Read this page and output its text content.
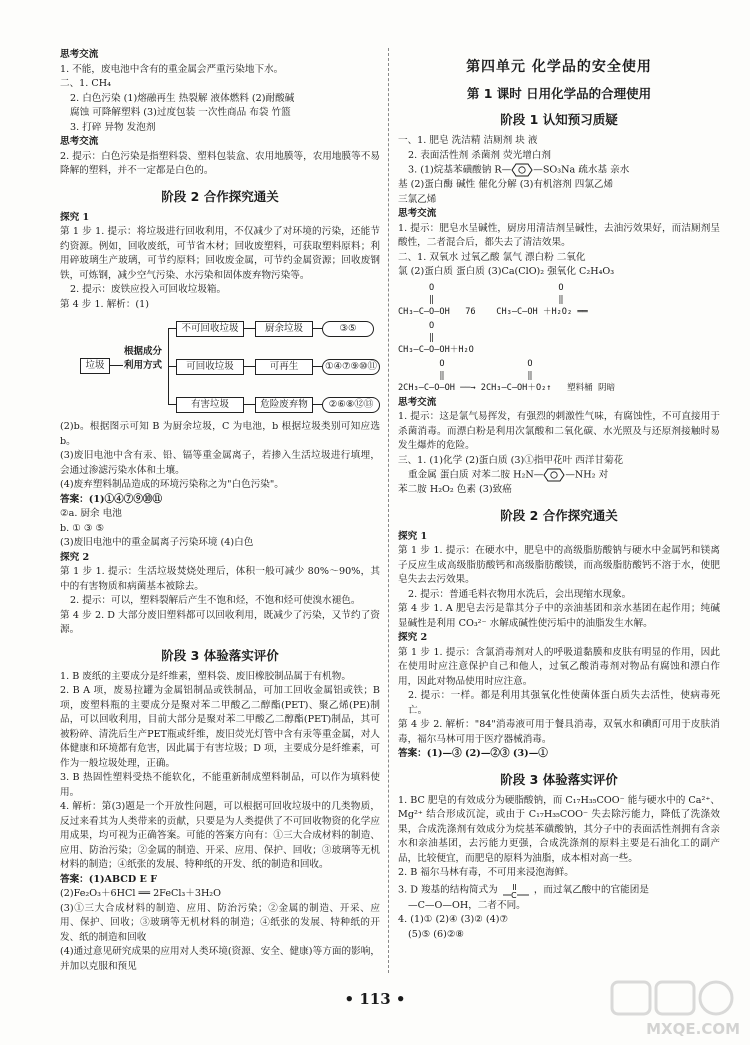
思考交流

1. 不能，废电池中含有的重金属会严重污染地下水。

二、1. CH₄

2. 白色污染 (1)熔融再生 热裂解 液体燃料 (2)耐酸碱

腐蚀 可降解塑料 (3)过度包装 一次性商品 布袋 竹篮

3. 打碎 异物 发泡剂

思考交流

2. 提示：白色污染是指塑料袋、塑料包装盒、农用地膜等，农用地膜等不易降解的塑料，并不一定都是白色的。

阶段 2 合作探究通关

探究 1

第 1 步 1. 提示：将垃圾进行回收利用，不仅减少了对环境的污染，还能节约资源。例如，回收废纸，可节省木材；回收废塑料，可获取塑料原料；利用碎玻璃生产玻璃，可节约原料；回收废金属，可节约金属资源；回收废钢铁，可炼钢，减少空气污染、水污染和固体废弃物污染等。

2. 提示：废铁应投入可回收垃圾箱。

第 4 步 1. 解析：(1)

垃圾
根据成分
利用方式
不可回收垃圾	厨余垃圾	③⑤
可回收垃圾	可再生	①④⑦⑨⑩⑪
有害垃圾	危险废弃物	②⑥⑧⑫⑬

(2)b。根据图示可知 B 为厨余垃圾，C 为电池，b 根据垃圾类别可知应选 b。

(3)废旧电池中含有汞、铅、镉等重金属离子，若掺入生活垃圾进行填埋，会通过渗滤污染水体和土壤。

(4)废弃塑料制品造成的环境污染称之为"白色污染"。

答案：(1)①④⑦⑨⑩⑪

②a. 厨余 电池

b. ① ③ ⑤

(3)废旧电池中的重金属离子污染环境 (4)白色

探究 2

第 1 步 1. 提示：生活垃圾焚烧处理后，体积一般可减少 80%～90%，其中的有害物质和病菌基本被除去。

2. 提示：可以，塑料裂解后产生不饱和烃，不饱和烃可使溴水褪色。

第 4 步 2. D 大部分废旧塑料都可以回收利用，既减少了污染，又节约了资源。

阶段 3 体验落实评价

1. B 废纸的主要成分是纤维素，塑料袋、废旧橡胶制品属于有机物。

2. B A 项，废易拉罐为金属铝制品或铁制品，可加工回收金属铝或铁；B 项，废塑料瓶的主要成分是聚对苯二甲酸乙二醇酯(PET)、聚乙烯(PE)制品，可以回收利用，目前大部分是聚对苯二甲酸乙二醇酯(PET)制品，其可被粉碎、清洗后生产PET瓶或纤维，废旧荧光灯管中含有汞等重金属，对人体健康和环境都有危害，因此属于有害垃圾；D 项，主要成分是纤维素，可作为一般垃圾处理，正确。

3. B 热固性塑料受热不能软化，不能重新制成塑料制品，可以作为填料使用。

4. 解析：第(3)题是一个开放性问题，可以根据可回收垃圾中的几类物质，反过来看其为人类带来的贡献，只要是为人类提供了不可回收物资的化学应用成果，均可视为正确答案。可能的答案方向有：①三大合成材料的制造、应用、防治污染；②金属的制造、开采、应用、保护、回收；③玻璃等无机材料的制造；④纸张的发展、特种纸的开发、纸的制造和回收。

答案：(1)ABCD E F

(2)Fe₂O₃＋6HCl ══ 2FeCl₃＋3H₂O

(3)①三大合成材料的制造、应用、防治污染；②金属的制造、开采、应用、保护、回收；③玻璃等无机材料的制造；④纸张的发展、特种纸的开发、纸的制造和回收

(4)通过意见研究成果的应用对人类环境(资源、安全、健康)等方面的影响，并加以克服和预见

第四单元 化学品的安全使用
第 1 课时 日用化学品的合理使用
阶段 1 认知预习质疑

一、1. 肥皂 洗洁精 洁厕剂 块 液

2. 表面活性剂 杀菌剂 荧光增白剂

3. (1)烷基苯磺酸钠 R— —SO₃Na 疏水基 亲水

基 (2)蛋白酶 碱性 催化分解 (3)有机溶剂 四氯乙烯

三氯乙烯

思考交流

1. 提示：肥皂水呈碱性，厨房用清洁剂呈碱性，去油污效果好，而洁厕剂呈酸性，二者混合后，都失去了清洁效果。

二、1. 双氧水 过氧乙酸 氯气 漂白粉 二氧化

氯 (2)蛋白质 蛋白质 (3)Ca(ClO)₂ 强氧化 C₂H₄O₃

O                        O
‖                        ‖
CH₃—C—O—OH   76    CH₃—C—OH ＋H₂O₂ ══
O
‖
CH₃—C—O—OH＋H₂O
O                O
‖                ‖
2CH₃—C—O—OH ──→ 2CH₃—C—OH＋O₂↑   塑料桶 阴暗

思考交流

1. 提示：这是氯气易挥发，有强烈的刺激性气味，有腐蚀性，不可直接用于杀菌消毒。而漂白粉是利用次氯酸和二氧化碳、水光照及与还原剂接触时易发生爆炸的危险。

三、1. (1)化学 (2)蛋白质 (3)①指甲花叶 西洋甘菊花

重金属 蛋白质 对苯二胺 H₂N— —NH₂ 对

苯二胺 H₂O₂ 色素 (3)致癌

阶段 2 合作探究通关

探究 1

第 1 步 1. 提示：在硬水中，肥皂中的高级脂肪酸钠与硬水中金属钙和镁离子反应生成高级脂肪酸钙和高级脂肪酸镁，而高级脂肪酸钙不溶于水，使肥皂失去去污效果。

2. 提示：普通毛料衣物用水洗后，会出现缩水现象。

第 4 步 1. A 肥皂去污是靠其分子中的亲油基团和亲水基团在起作用；纯碱显碱性是利用 CO₃²⁻ 水解成碱性使污垢中的油脂发生水解。

探究 2

第 1 步 1. 提示：含氯消毒剂对人的呼吸道黏膜和皮肤有明显的作用，因此在使用时应注意保护自己和他人，过氧乙酸消毒剂对物品有腐蚀和漂白作用，因此对物品使用时应注意。

2. 提示：一样。都是利用其强氧化性使菌体蛋白质失去活性，使病毒死亡。

第 4 步 2. 解析："84"消毒液可用于餐具消毒，双氧水和碘酊可用于皮肤消毒，福尔马林可用于医疗器械消毒。

答案：(1)—③ (2)—②③ (3)—①

阶段 3 体验落实评价

1. BC 肥皂的有效成分为硬脂酸钠，而 C₁₇H₃₅COO⁻ 能与硬水中的 Ca²⁺、Mg²⁺ 结合形成沉淀，或由于 C₁₇H₃₅COO⁻ 失去除污能力，降低了洗涤效果，合成洗涤剂有效成分为烷基苯磺酸钠，其分子中的表面活性剂拥有含亲水和亲油基团，去污能力更强，合成洗涤剂的原料主要是石油化工的副产品，比较便宜，而肥皂的原料为油脂，成本相对高一些。

2. B 福尔马林有毒，不可用来浸泡海鲜。

3. D 羧基的结构简式为 C ，而过氧乙酸中的官能团是

—C—O—OH，二者不同。

4. (1)① (2)④ (3)② (4)⑦

(5)⑤ (6)②⑧

• 113 •
MXQE.COM
